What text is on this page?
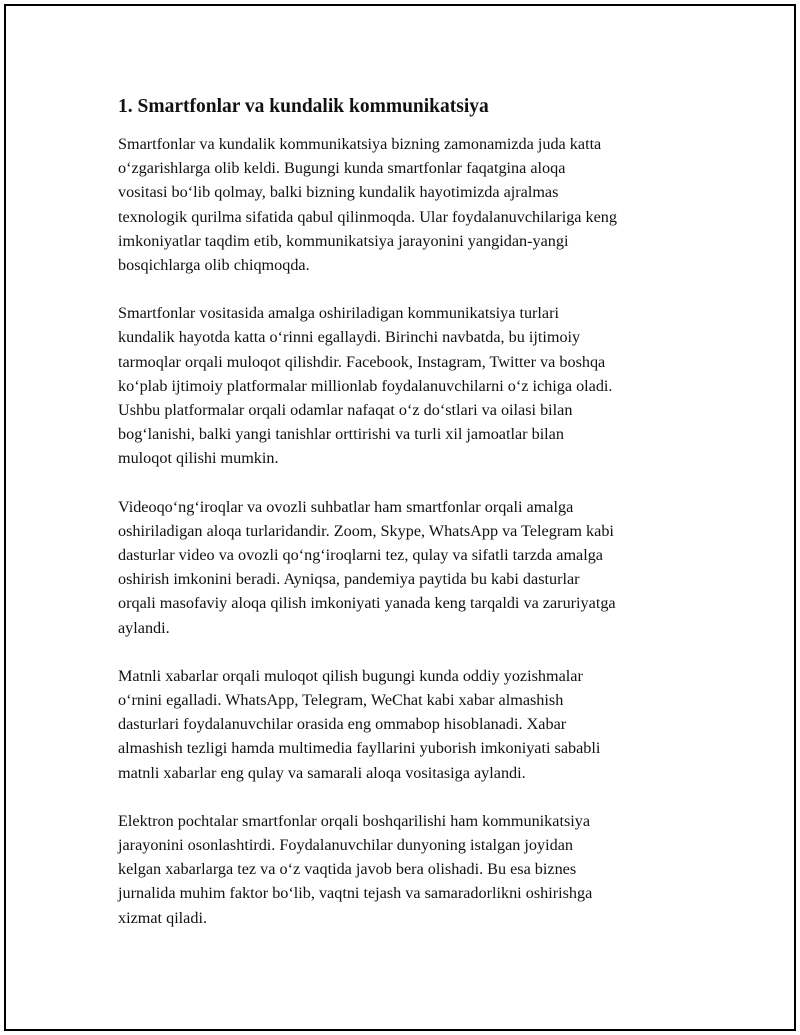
1. Smartfonlar va kundalik kommunikatsiya

Smartfonlar va kundalik kommunikatsiya bizning zamonamizda juda katta
o‘zgarishlarga olib keldi. Bugungi kunda smartfonlar faqatgina aloqa
vositasi bo‘lib qolmay, balki bizning kundalik hayotimizda ajralmas
texnologik qurilma sifatida qabul qilinmoqda. Ular foydalanuvchilariga keng
imkoniyatlar taqdim etib, kommunikatsiya jarayonini yangidan-yangi
bosqichlarga olib chiqmoqda.

Smartfonlar vositasida amalga oshiriladigan kommunikatsiya turlari
kundalik hayotda katta o‘rinni egallaydi. Birinchi navbatda, bu ijtimoiy
tarmoqlar orqali muloqot qilishdir. Facebook, Instagram, Twitter va boshqa
ko‘plab ijtimoiy platformalar millionlab foydalanuvchilarni o‘z ichiga oladi.
Ushbu platformalar orqali odamlar nafaqat o‘z do‘stlari va oilasi bilan
bog‘lanishi, balki yangi tanishlar orttirishi va turli xil jamoatlar bilan
muloqot qilishi mumkin.

Videoqo‘ng‘iroqlar va ovozli suhbatlar ham smartfonlar orqali amalga
oshiriladigan aloqa turlaridandir. Zoom, Skype, WhatsApp va Telegram kabi
dasturlar video va ovozli qo‘ng‘iroqlarni tez, qulay va sifatli tarzda amalga
oshirish imkonini beradi. Ayniqsa, pandemiya paytida bu kabi dasturlar
orqali masofaviy aloqa qilish imkoniyati yanada keng tarqaldi va zaruriyatga
aylandi.

Matnli xabarlar orqali muloqot qilish bugungi kunda oddiy yozishmalar
o‘rnini egalladi. WhatsApp, Telegram, WeChat kabi xabar almashish
dasturlari foydalanuvchilar orasida eng ommabop hisoblanadi. Xabar
almashish tezligi hamda multimedia fayllarini yuborish imkoniyati sababli
matnli xabarlar eng qulay va samarali aloqa vositasiga aylandi.

Elektron pochtalar smartfonlar orqali boshqarilishi ham kommunikatsiya
jarayonini osonlashtirdi. Foydalanuvchilar dunyoning istalgan joyidan
kelgan xabarlarga tez va o‘z vaqtida javob bera olishadi. Bu esa biznes
jurnalida muhim faktor bo‘lib, vaqtni tejash va samaradorlikni oshirishga
xizmat qiladi.
